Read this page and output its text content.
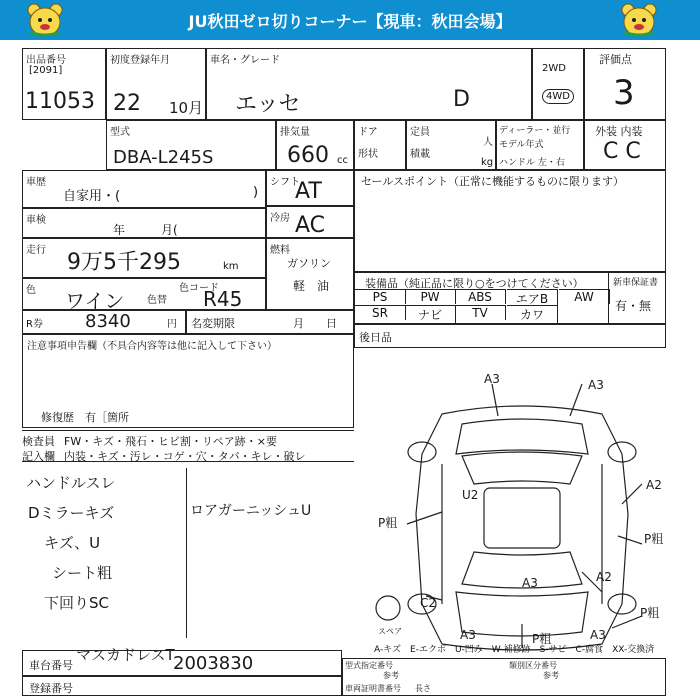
JU秋田ゼロ切りコーナー【現車：秋田会場】
出品番号
[2091]
11053
初度登録年月
22 10月
車名・グレード
エッセ	D
2WD
4WD
評価点
3
型式
DBA-L245S
排気量
660 cc
ドア
形状
定員
人
積載
kg
ディーラー・並行
モデル年式
ハンドル 左・右
外装 内装
C C
車歴
自家用・(	)
車検
年　　　月(
走行 9万5千295	km
色 ワイン 色替
色コード
R45
シフト
AT
冷房 AC
燃料
ガソリン
軽　油
セールスポイント（正常に機能するものに限ります）
R券 8340	円 名変期限	月　　日
装備品（純正品に限り○をつけてください）
PS	PW	ABS	エアB	AW
SR	ナビ	TV	カワ
新車保証書
有・無
後日品
注意事項申告欄（不具合内容等は他に記入して下さい）
修復歴　有［箇所
検査員 FW・キズ・飛石・ヒビ割・リペア跡・×要
記入欄 内装・キズ・汚レ・コゲ・穴・タバ・キレ・破レ
ハンドルスレ
Dミラーキズ
キズ、U
シート粗
下回りSC
マスカドレスT
ロアガーニッシュU
スペア
A-キズ　E-エクボ　U-凹み　W-補修跡　S-サビ　C-腐食　XX-交換済
車台番号	2003830
登録番号
型式指定番号
参考
類別区分番号
参考
車両証明書番号 長さ
A3	A3
A2
P粗
U2
P粗
A3	A2
C2
A3
P粗
P粗	A3
